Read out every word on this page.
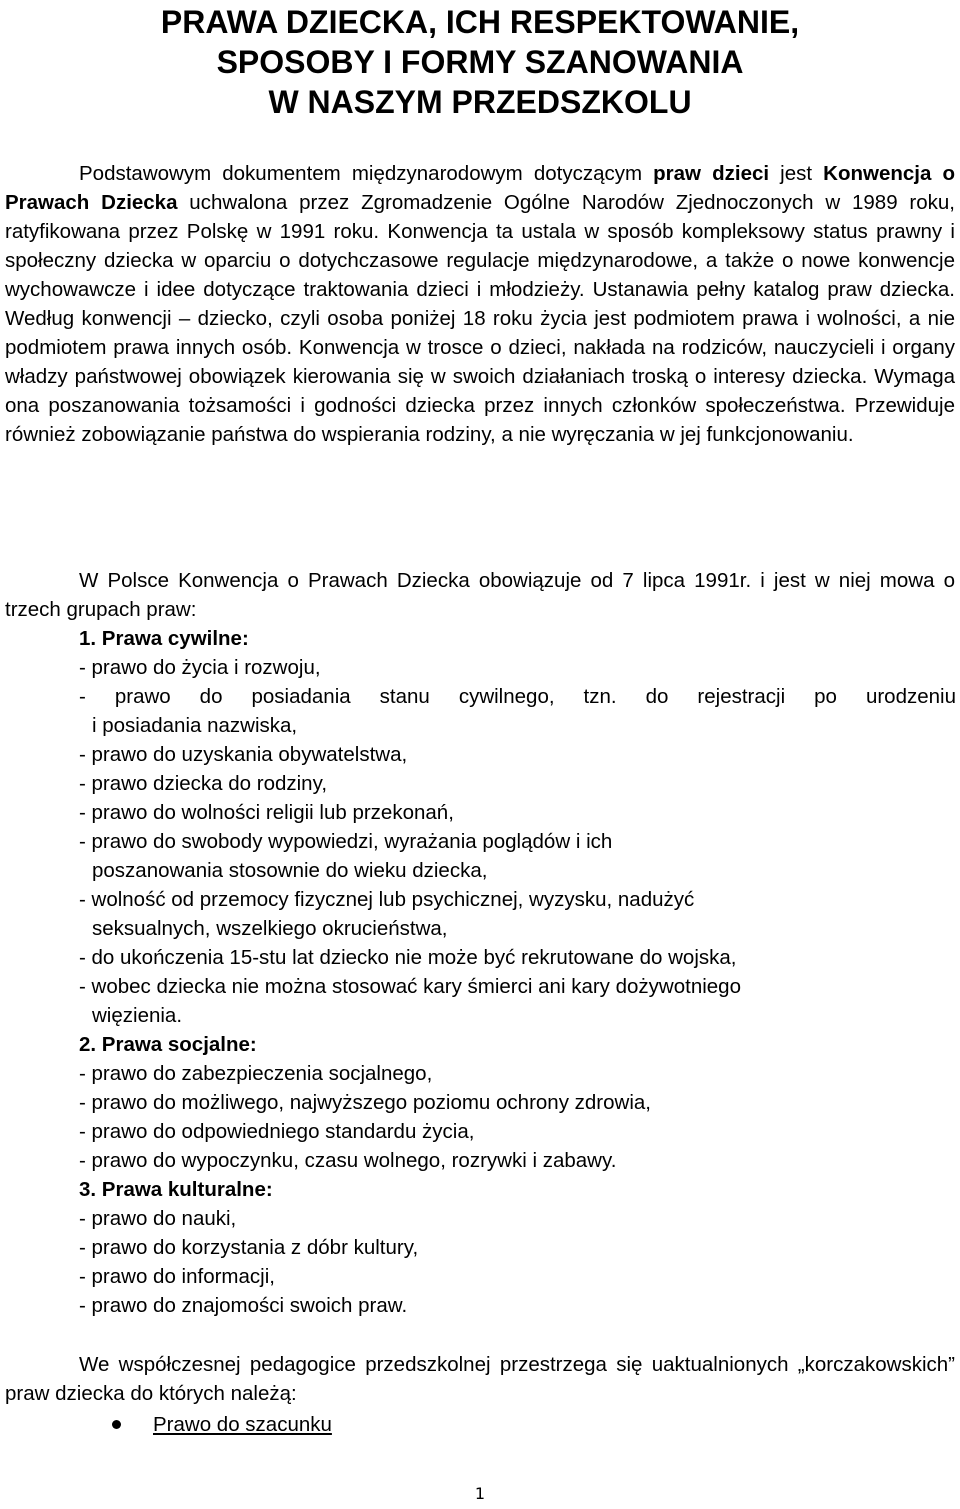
PRAWA DZIECKA, ICH RESPEKTOWANIE,
SPOSOBY I FORMY SZANOWANIA
W NASZYM PRZEDSZKOLU

Podstawowym dokumentem międzynarodowym dotyczącym praw dzieci jest Konwencja o Prawach Dziecka uchwalona przez Zgromadzenie Ogólne Narodów Zjednoczonych w 1989 roku, ratyfikowana przez Polskę w 1991 roku. Konwencja ta ustala w sposób kompleksowy status prawny i społeczny dziecka w oparciu o dotychczasowe regulacje międzynarodowe, a także o nowe konwencje wychowawcze i idee dotyczące traktowania dzieci i młodzieży. Ustanawia pełny katalog praw dziecka. Według konwencji – dziecko, czyli osoba poniżej 18 roku życia jest podmiotem prawa i wolności, a nie podmiotem prawa innych osób. Konwencja w trosce o dzieci, nakłada na rodziców, nauczycieli i organy władzy państwowej obowiązek kierowania się w swoich działaniach troską o interesy dziecka. Wymaga ona poszanowania tożsamości i godności dziecka przez innych członków społeczeństwa. Przewiduje również zobowiązanie państwa do wspierania rodziny, a nie wyręczania w jej funkcjonowaniu.

W Polsce Konwencja o Prawach Dziecka obowiązuje od 7 lipca 1991r. i jest w niej mowa o trzech grupach praw:

1. Prawa cywilne:
- prawo do życia i rozwoju,
- prawo do posiadania stanu cywilnego, tzn. do rejestracji po urodzeniu
i posiadania nazwiska,
- prawo do uzyskania obywatelstwa,
- prawo dziecka do rodziny,
- prawo do wolności religii lub przekonań,
- prawo do swobody wypowiedzi, wyrażania poglądów i ich
poszanowania stosownie do wieku dziecka,
- wolność od przemocy fizycznej lub psychicznej, wyzysku, nadużyć
seksualnych, wszelkiego okrucieństwa,
- do ukończenia 15-stu lat dziecko nie może być rekrutowane do wojska,
- wobec dziecka nie można stosować kary śmierci ani kary dożywotniego
więzienia.
2. Prawa socjalne:
- prawo do zabezpieczenia socjalnego,
- prawo do możliwego, najwyższego poziomu ochrony zdrowia,
- prawo do odpowiedniego standardu życia,
- prawo do wypoczynku, czasu wolnego, rozrywki i zabawy.
3. Prawa kulturalne:
- prawo do nauki,
- prawo do korzystania z dóbr kultury,
- prawo do informacji,
- prawo do znajomości swoich praw.

We współczesnej pedagogice przedszkolnej przestrzega się uaktualnionych „korczakowskich” praw dziecka do których należą:

Prawo do szacunku
1
